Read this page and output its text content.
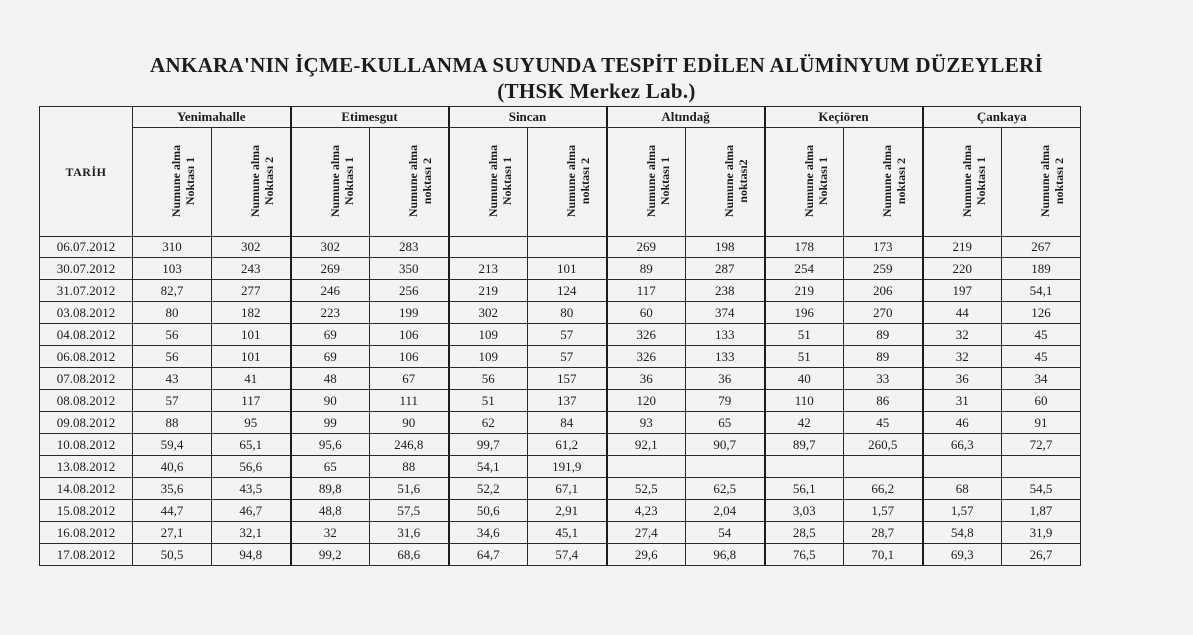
ANKARA'NIN İÇME-KULLANMA SUYUNDA TESPİT EDİLEN ALÜMİNYUM DÜZEYLERİ
(THSK Merkez Lab.)
TARİH	Yenimahalle		Etimesgut		Sincan		Altındağ		Keçiören		Çankaya	
	Numune alma
Noktası 1	Numune alma
Noktası 2	Numune alma
Noktası 1	Numune alma
noktası 2	Numune alma
Noktası 1	Numune alma
noktası 2	Numune alma
Noktası 1	Numune alma
noktası2	Numune alma
Noktası 1	Numune alma
noktası 2	Numune alma
Noktası 1	Numune alma
noktası 2
06.07.2012	310	302	302	283			269	198	178	173	219	267
30.07.2012	103	243	269	350	213	101	89	287	254	259	220	189
31.07.2012	82,7	277	246	256	219	124	117	238	219	206	197	54,1
03.08.2012	80	182	223	199	302	80	60	374	196	270	44	126
04.08.2012	56	101	69	106	109	57	326	133	51	89	32	45
06.08.2012	56	101	69	106	109	57	326	133	51	89	32	45
07.08.2012	43	41	48	67	56	157	36	36	40	33	36	34
08.08.2012	57	117	90	111	51	137	120	79	110	86	31	60
09.08.2012	88	95	99	90	62	84	93	65	42	45	46	91
10.08.2012	59,4	65,1	95,6	246,8	99,7	61,2	92,1	90,7	89,7	260,5	66,3	72,7
13.08.2012	40,6	56,6	65	88	54,1	191,9						
14.08.2012	35,6	43,5	89,8	51,6	52,2	67,1	52,5	62,5	56,1	66,2	68	54,5
15.08.2012	44,7	46,7	48,8	57,5	50,6	2,91	4,23	2,04	3,03	1,57	1,57	1,87
16.08.2012	27,1	32,1	32	31,6	34,6	45,1	27,4	54	28,5	28,7	54,8	31,9
17.08.2012	50,5	94,8	99,2	68,6	64,7	57,4	29,6	96,8	76,5	70,1	69,3	26,7
